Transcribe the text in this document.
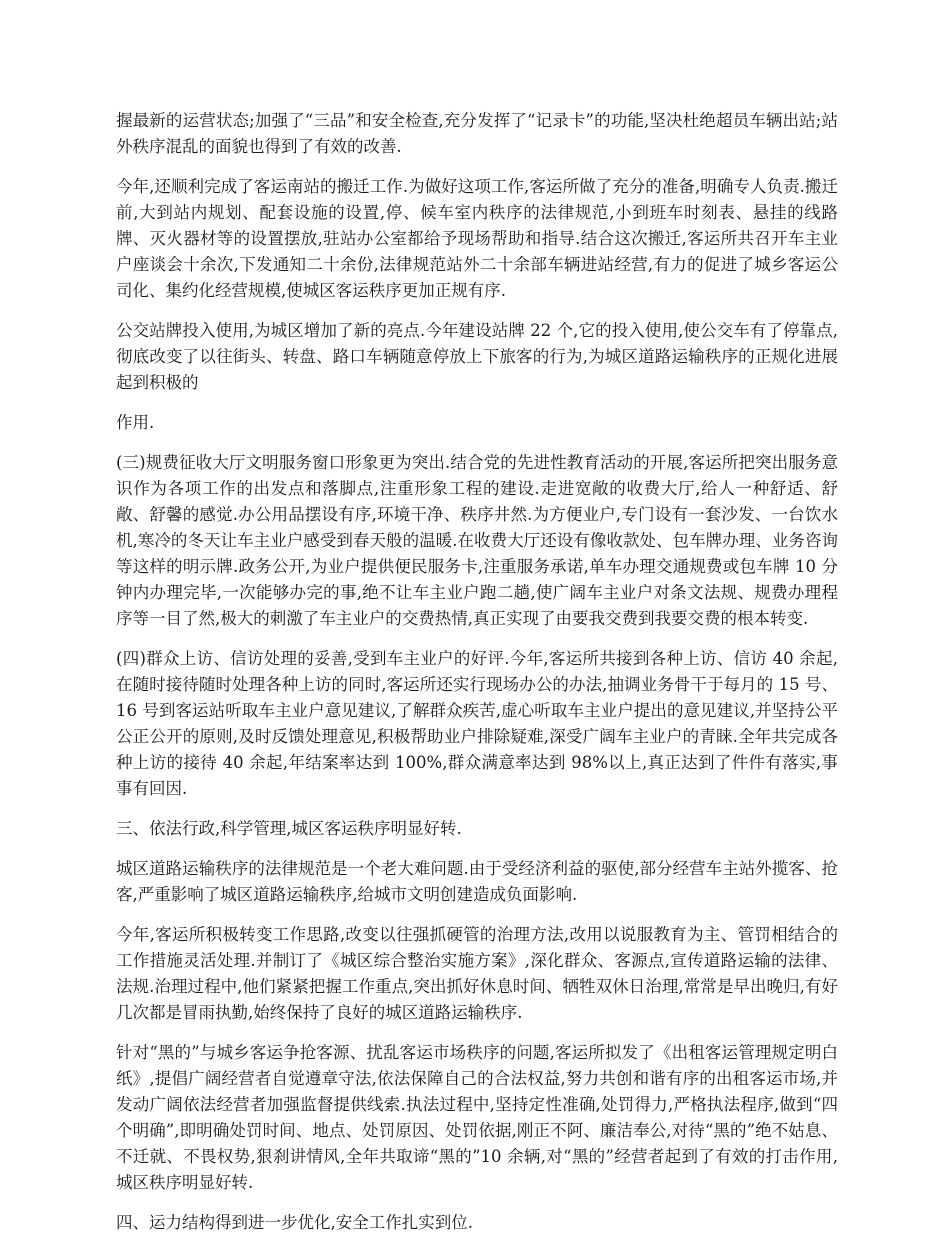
握最新的运营状态;加强了“三品”和安全检查,充分发挥了“记录卡”的功能,坚决杜绝超员车辆出站;站外秩序混乱的面貌也得到了有效的改善.

今年,还顺利完成了客运南站的搬迁工作.为做好这项工作,客运所做了充分的准备,明确专人负责.搬迁前,大到站内规划、配套设施的设置,停、候车室内秩序的法律规范,小到班车时刻表、悬挂的线路牌、灭火器材等的设置摆放,驻站办公室都给予现场帮助和指导.结合这次搬迁,客运所共召开车主业户座谈会十余次,下发通知二十余份,法律规范站外二十余部车辆进站经营,有力的促进了城乡客运公司化、集约化经营规模,使城区客运秩序更加正规有序.

公交站牌投入使用,为城区增加了新的亮点.今年建设站牌 22 个,它的投入使用,使公交车有了停靠点,彻底改变了以往街头、转盘、路口车辆随意停放上下旅客的行为,为城区道路运输秩序的正规化进展起到积极的

作用.

(三)规费征收大厅文明服务窗口形象更为突出.结合党的先进性教育活动的开展,客运所把突出服务意识作为各项工作的出发点和落脚点,注重形象工程的建设.走进宽敞的收费大厅,给人一种舒适、舒敞、舒馨的感觉.办公用品摆设有序,环境干净、秩序井然.为方便业户,专门设有一套沙发、一台饮水机,寒冷的冬天让车主业户感受到春天般的温暖.在收费大厅还设有像收款处、包车牌办理、业务咨询等这样的明示牌.政务公开,为业户提供便民服务卡,注重服务承诺,单车办理交通规费或包车牌 10 分钟内办理完毕,一次能够办完的事,绝不让车主业户跑二趟,使广阔车主业户对条文法规、规费办理程序等一目了然,极大的刺激了车主业户的交费热情,真正实现了由要我交费到我要交费的根本转变.

(四)群众上访、信访处理的妥善,受到车主业户的好评.今年,客运所共接到各种上访、信访 40 余起,在随时接待随时处理各种上访的同时,客运所还实行现场办公的办法,抽调业务骨干于每月的 15 号、16 号到客运站听取车主业户意见建议,了解群众疾苦,虚心听取车主业户提出的意见建议,并坚持公平公正公开的原则,及时反馈处理意见,积极帮助业户排除疑难,深受广阔车主业户的青睐.全年共完成各种上访的接待 40 余起,年结案率达到 100%,群众满意率达到 98%以上,真正达到了件件有落实,事事有回因.

三、依法行政,科学管理,城区客运秩序明显好转.

城区道路运输秩序的法律规范是一个老大难问题.由于受经济利益的驱使,部分经营车主站外揽客、抢客,严重影响了城区道路运输秩序,给城市文明创建造成负面影响.

今年,客运所积极转变工作思路,改变以往强抓硬管的治理方法,改用以说服教育为主、管罚相结合的工作措施灵活处理.并制订了《城区综合整治实施方案》,深化群众、客源点,宣传道路运输的法律、法规.治理过程中,他们紧紧把握工作重点,突出抓好休息时间、牺牲双休日治理,常常是早出晚归,有好几次都是冒雨执勤,始终保持了良好的城区道路运输秩序.

针对“黑的”与城乡客运争抢客源、扰乱客运市场秩序的问题,客运所拟发了《出租客运管理规定明白纸》,提倡广阔经营者自觉遵章守法,依法保障自己的合法权益,努力共创和谐有序的出租客运市场,并发动广阔依法经营者加强监督提供线索.执法过程中,坚持定性准确,处罚得力,严格执法程序,做到“四个明确”,即明确处罚时间、地点、处罚原因、处罚依据,刚正不阿、廉洁奉公,对待“黑的”绝不姑息、不迁就、不畏权势,狠刹讲情风,全年共取谛“黑的”10 余辆,对“黑的”经营者起到了有效的打击作用,城区秩序明显好转.

四、运力结构得到进一步优化,安全工作扎实到位.
